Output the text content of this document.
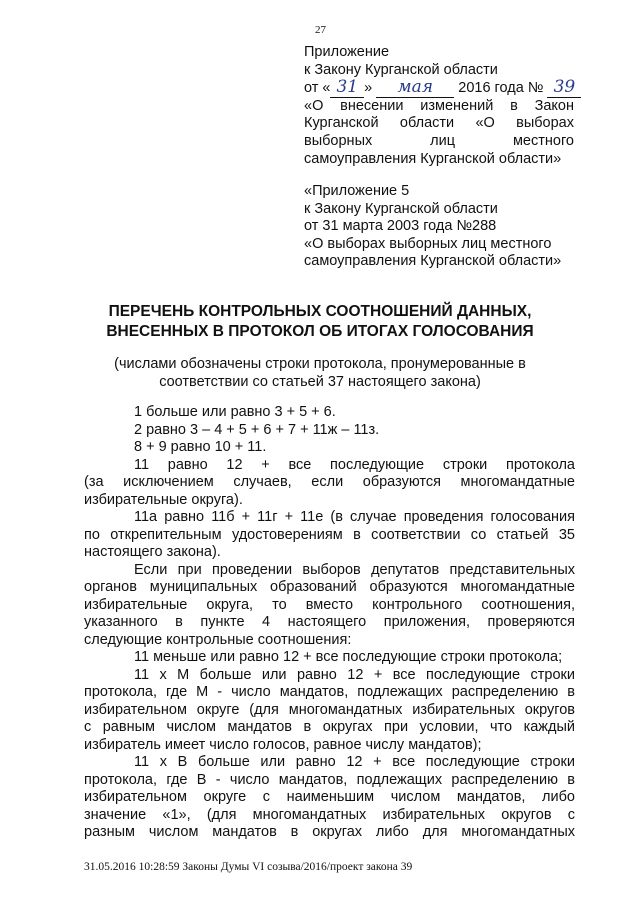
27
Приложение
к Закону Курганской области
от « 31 » мая 2016 года № 39
«О внесении изменений в Закон
Курганской области «О выборах
выборных лиц местного
самоуправления Курганской области»
«Приложение 5
к Закону Курганской области
от 31 марта 2003 года №288
«О выборах выборных лиц местного
самоуправления Курганской области»
ПЕРЕЧЕНЬ КОНТРОЛЬНЫХ СООТНОШЕНИЙ ДАННЫХ,
ВНЕСЕННЫХ В ПРОТОКОЛ ОБ ИТОГАХ ГОЛОСОВАНИЯ
(числами обозначены строки протокола, пронумерованные в
соответствии со статьей 37 настоящего закона)

1 больше или равно 3 + 5 + 6.

2 равно 3 – 4 + 5 + 6 + 7 + 11ж – 11з.

8 + 9 равно 10 + 11.

11 равно 12 + все последующие строки протокола

(за исключением случаев, если образуются многомандатные

избирательные округа).

11а равно 11б + 11г + 11е (в случае проведения голосования

по открепительным удостоверениям в соответствии со статьей 35

настоящего закона).

Если при проведении выборов депутатов представительных

органов муниципальных образований образуются многомандатные

избирательные округа, то вместо контрольного соотношения,

указанного в пункте 4 настоящего приложения, проверяются

следующие контрольные соотношения:

11 меньше или равно 12 + все последующие строки протокола;

11 х М больше или равно 12 + все последующие строки

протокола, где М - число мандатов, подлежащих распределению в

избирательном округе (для многомандатных избирательных округов

с равным числом мандатов в округах при условии, что каждый

избиратель имеет число голосов, равное числу мандатов);

11 х В больше или равно 12 + все последующие строки

протокола, где В - число мандатов, подлежащих распределению в

избирательном округе с наименьшим числом мандатов, либо

значение «1», (для многомандатных избирательных округов с

разным числом мандатов в округах либо для многомандатных

31.05.2016 10:28:59 Законы Думы VI созыва/2016/проект закона 39
